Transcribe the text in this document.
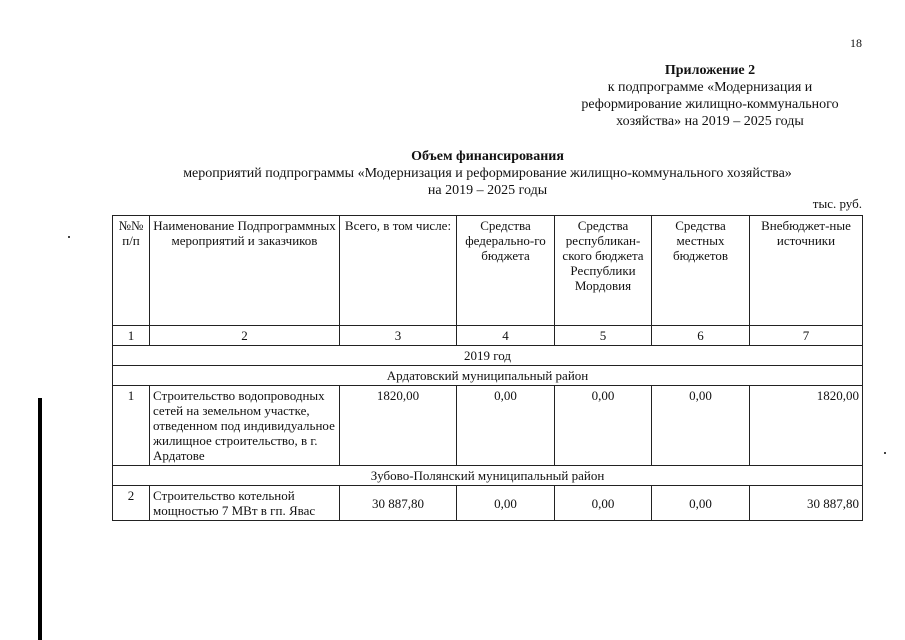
18
Приложение 2
к подпрограмме «Модернизация и
реформирование жилищно-коммунального
хозяйства» на 2019 – 2025 годы
Объем финансирования
мероприятий подпрограммы «Модернизация и реформирование жилищно-коммунального хозяйства»
на 2019 – 2025 годы
тыс. руб.
№№ п/п	Наименование Подпрограммных мероприятий и заказчиков	Всего, в том числе:	Средства федерально-го бюджета	Средства республикан-ского бюджета Республики Мордовия	Средства местных бюджетов	Внебюджет-ные источники
1	2	3	4	5	6	7
2019 год						
Ардатовский муниципальный район						
1	Строительство водопроводных сетей на земельном участке, отведенном под индивидуальное жилищное строительство, в г. Ардатове	1820,00	0,00	0,00	0,00	1820,00
Зубово-Полянский муниципальный район						
2	Строительство котельной мощностью 7 МВт в гп. Явас	30 887,80	0,00	0,00	0,00	30 887,80
